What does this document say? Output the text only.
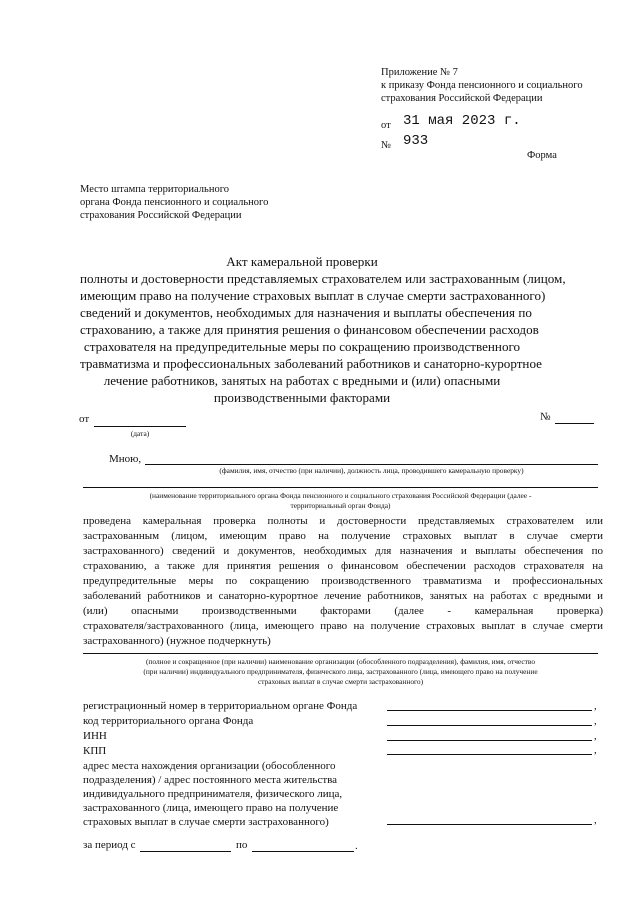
Приложение № 7
к приказу Фонда пенсионного и социального
страхования Российской Федерации
от 31 мая 2023 г.
№ 933
Форма
Место штампа территориального
органа Фонда пенсионного и социального
страхования Российской Федерации
Акт камеральной проверки
полноты и достоверности представляемых страхователем или застрахованным (лицом,
имеющим право на получение страховых выплат в случае смерти застрахованного)
сведений и документов, необходимых для назначения и выплаты обеспечения по
страхованию, а также для принятия решения о финансовом обеспечении расходов
страхователя на предупредительные меры по сокращению производственного
травматизма и профессиональных заболеваний работников и санаторно-курортное
лечение работников, занятых на работах с вредными и (или) опасными
производственными факторами
от
(дата)
№
Мною,
(фамилия, имя, отчество (при наличии), должность лица, проводившего камеральную проверку)
(наименование территориального органа Фонда пенсионного и социального страхования Российской Федерации (далее -
территориальный орган Фонда)
проведена камеральная проверка полноты и достоверности представляемых страхователем или
застрахованным (лицом, имеющим право на получение страховых выплат в случае смерти
застрахованного) сведений и документов, необходимых для назначения и выплаты обеспечения по
страхованию, а также для принятия решения о финансовом обеспечении расходов страхователя на
предупредительные меры по сокращению производственного травматизма и профессиональных
заболеваний работников и санаторно-курортное лечение работников, занятых на работах с вредными и
(или) опасными производственными факторами (далее - камеральная проверка)
страхователя/застрахованного (лица, имеющего право на получение страховых выплат в случае смерти
застрахованного) (нужное подчеркнуть)
(полное и сокращенное (при наличии) наименование организации (обособленного подразделения), фамилия, имя, отчество
(при наличии) индивидуального предпринимателя, физического лица, застрахованного (лица, имеющего право на получение
страховых выплат в случае смерти застрахованного)
регистрационный номер в территориальном органе Фонда	,
код территориального органа Фонда	,
ИНН	,
КПП	,
адрес места нахождения организации (обособленного
подразделения) / адрес постоянного места жительства
индивидуального предпринимателя, физического лица,
застрахованного (лица, имеющего право на получение
страховых выплат в случае смерти застрахованного)	,
за период с	по	.
